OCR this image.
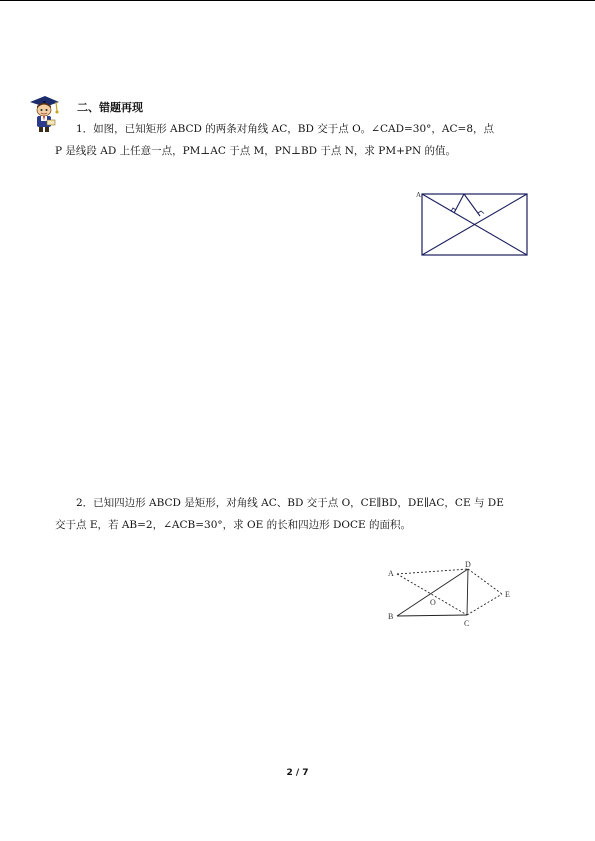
二、错题再现
1．如图，已知矩形 ABCD 的两条对角线 AC，BD 交于点 O。∠CAD=30°，AC=8，点
P 是线段 AD 上任意一点，PM⊥AC 于点 M，PN⊥BD 于点 N，求 PM+PN 的值。
A
2．已知四边形 ABCD 是矩形，对角线 AC、BD 交于点 O，CE∥BD，DE∥AC，CE 与 DE
交于点 E，若 AB=2，∠ACB=30°，求 OE 的长和四边形 DOCE 的面积。
A
B
C
D
E
O
2 / 7
